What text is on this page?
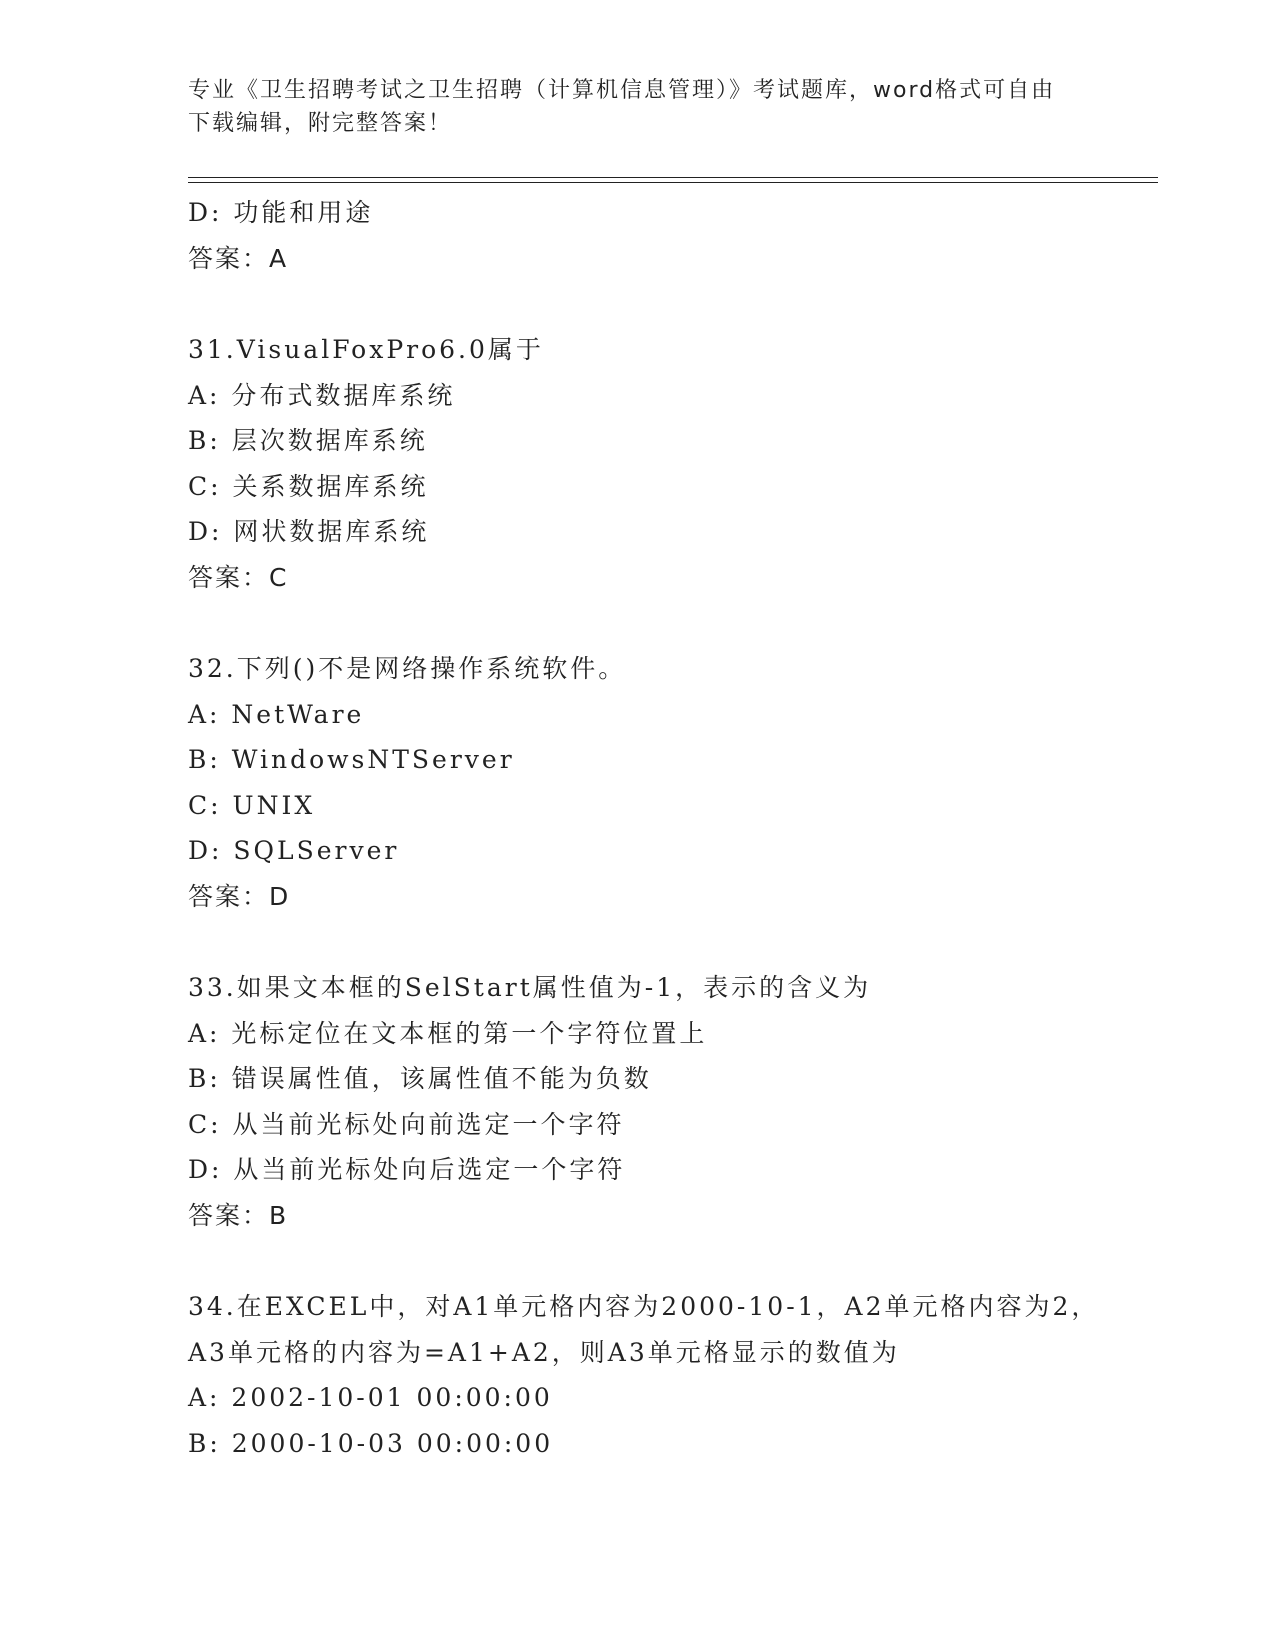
专业《卫生招聘考试之卫生招聘（计算机信息管理）》考试题库，word格式可自由下载编辑，附完整答案！
D: 功能和用途
答案：A
31.VisualFoxPro6.0属于
A: 分布式数据库系统
B: 层次数据库系统
C: 关系数据库系统
D: 网状数据库系统
答案：C
32.下列()不是网络操作系统软件。
A: NetWare
B: WindowsNTServer
C: UNIX
D: SQLServer
答案：D
33.如果文本框的SelStart属性值为-1，表示的含义为
A: 光标定位在文本框的第一个字符位置上
B: 错误属性值，该属性值不能为负数
C: 从当前光标处向前选定一个字符
D: 从当前光标处向后选定一个字符
答案：B
34.在EXCEL中，对A1单元格内容为2000-10-1，A2单元格内容为2，
A3单元格的内容为=A1+A2，则A3单元格显示的数值为
A: 2002-10-01 00:00:00
B: 2000-10-03 00:00:00
